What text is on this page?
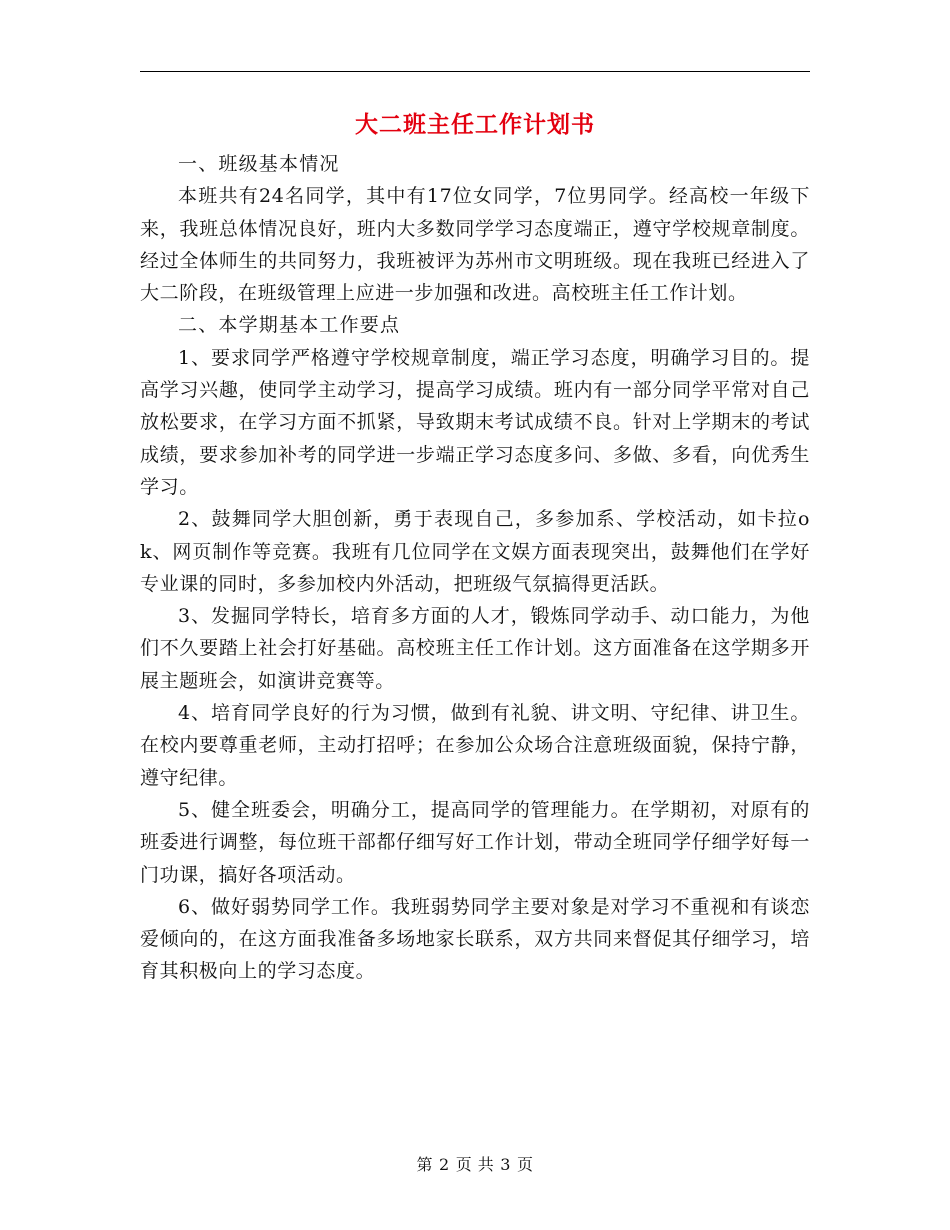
大二班主任工作计划书

一、班级基本情况

本班共有24名同学，其中有17位女同学，7位男同学。经高校一年级下来，我班总体情况良好，班内大多数同学学习态度端正，遵守学校规章制度。经过全体师生的共同努力，我班被评为苏州市文明班级。现在我班已经进入了大二阶段，在班级管理上应进一步加强和改进。高校班主任工作计划。

二、本学期基本工作要点

1、要求同学严格遵守学校规章制度，端正学习态度，明确学习目的。提高学习兴趣，使同学主动学习，提高学习成绩。班内有一部分同学平常对自己放松要求，在学习方面不抓紧，导致期末考试成绩不良。针对上学期末的考试成绩，要求参加补考的同学进一步端正学习态度多问、多做、多看，向优秀生学习。

2、鼓舞同学大胆创新，勇于表现自己，多参加系、学校活动，如卡拉ok、网页制作等竞赛。我班有几位同学在文娱方面表现突出，鼓舞他们在学好专业课的同时，多参加校内外活动，把班级气氛搞得更活跃。

3、发掘同学特长，培育多方面的人才，锻炼同学动手、动口能力，为他们不久要踏上社会打好基础。高校班主任工作计划。这方面准备在这学期多开展主题班会，如演讲竞赛等。

4、培育同学良好的行为习惯，做到有礼貌、讲文明、守纪律、讲卫生。在校内要尊重老师，主动打招呼；在参加公众场合注意班级面貌，保持宁静，遵守纪律。

5、健全班委会，明确分工，提高同学的管理能力。在学期初，对原有的班委进行调整，每位班干部都仔细写好工作计划，带动全班同学仔细学好每一门功课，搞好各项活动。

6、做好弱势同学工作。我班弱势同学主要对象是对学习不重视和有谈恋爱倾向的，在这方面我准备多场地家长联系，双方共同来督促其仔细学习，培育其积极向上的学习态度。

第 2 页 共 3 页
